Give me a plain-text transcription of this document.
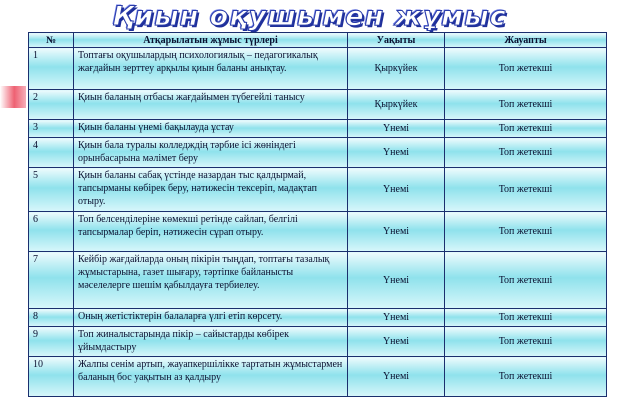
Қиын оқушымен жұмыс
№	Атқарылатын жұмыс түрлері	Уақыты	Жауапты
1	Топтағы оқушылардың психологиялық – педагогикалық жағдайын зерттеу арқылы қиын баланы анықтау.	Қыркүйек	Топ жетекші
2	Қиын баланың отбасы жағдайымен түбегейлі танысу	Қыркүйек	Топ жетекші
3	Қиын баланы үнемі бақылауда ұстау	Үнемі	Топ жетекші
4	Қиын бала туралы колледждің тәрбие ісі жөніндегі орынбасарына мәлімет беру	Үнемі	Топ жетекші
5	Қиын баланы сабақ үстінде назардан тыс қалдырмай, тапсырманы көбірек беру, нәтижесін тексеріп, мадақтап отыру.	Үнемі	Топ жетекші
6	Топ белсенділеріне көмекші ретінде сайлап, белгілі тапсырмалар беріп, нәтижесін сұрап отыру.	Үнемі	Топ жетекші
7	Кейбір жағдайларда оның пікірін тыңдап, топтағы тазалық жұмыстарына, газет шығару, тәртіпке байланысты мәселелерге шешім қабылдауға тербиелеу.	Үнемі	Топ жетекші
8	Оның жетістіктерін балаларға үлгі етіп көрсету.	Үнемі	Топ жетекші
9	Топ жиналыстарында пікір – сайыстарды көбірек ұйымдастыру	Үнемі	Топ жетекші
10	Жалпы сенім артып, жауапкершілікке тартатын жұмыстармен баланың бос уақытын аз қалдыру	Үнемі	Топ жетекші
